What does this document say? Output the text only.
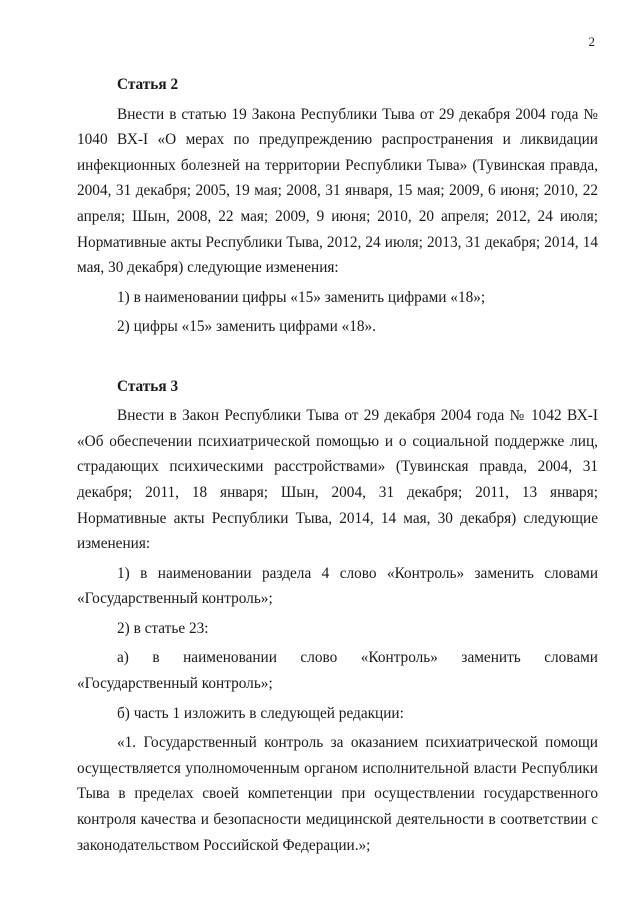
2

Статья 2

Внести в статью 19 Закона Республики Тыва от 29 декабря 2004 года № 1040 ВХ-I «О мерах по предупреждению распространения и ликвидации инфекционных болезней на территории Республики Тыва» (Тувинская правда, 2004, 31 декабря; 2005, 19 мая; 2008, 31 января, 15 мая; 2009, 6 июня; 2010, 22 апреля; Шын, 2008, 22 мая; 2009, 9 июня; 2010, 20 апреля; 2012, 24 июля; Нормативные акты Республики Тыва, 2012, 24 июля; 2013, 31 декабря; 2014, 14 мая, 30 декабря) следующие изменения:

1) в наименовании цифры «15» заменить цифрами «18»;

2) цифры «15» заменить цифрами «18».

Статья 3

Внести в Закон Республики Тыва от 29 декабря 2004 года № 1042 ВХ-I «Об обеспечении психиатрической помощью и о социальной поддержке лиц, страдающих психическими расстройствами» (Тувинская правда, 2004, 31 декабря; 2011, 18 января; Шын, 2004, 31 декабря; 2011, 13 января; Нормативные акты Республики Тыва, 2014, 14 мая, 30 декабря) следующие изменения:

1) в наименовании раздела 4 слово «Контроль» заменить словами «Государственный контроль»;

2) в статье 23:

а) в наименовании слово «Контроль» заменить словами «Государственный контроль»;

б) часть 1 изложить в следующей редакции:

«1. Государственный контроль за оказанием психиатрической помощи осуществляется уполномоченным органом исполнительной власти Республики Тыва в пределах своей компетенции при осуществлении государственного контроля качества и безопасности медицинской деятельности в соответствии с законодательством Российской Федерации.»;
